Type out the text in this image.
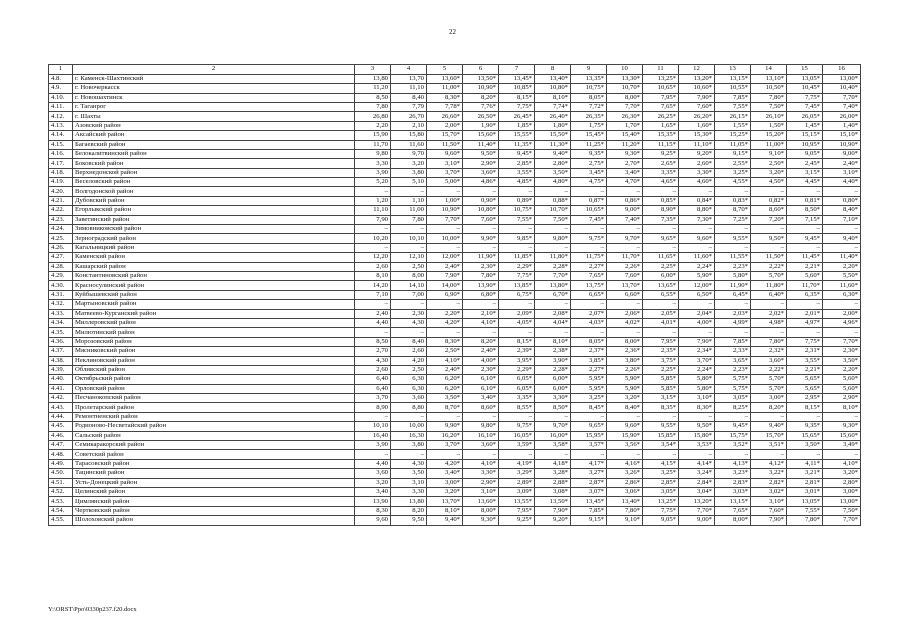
22
1	2	3	4	5	6	7	8	9	10	11	12	13	14	15	16
4.8.	г. Каменск-Шахтинский	13,80	13,70	13,60*	13,50*	13,45*	13,40*	13,35*	13,30*	13,25*	13,20*	13,15*	13,10*	13,05*	13,00*
4.9.	г. Новочеркасск	11,20	11,10	11,00*	10,90*	10,85*	10,80*	10,75*	10,70*	10,65*	10,60*	10,55*	10,50*	10,45*	10,40*
4.10.	г. Новошахтинск	8,50	8,40	8,30*	8,20*	8,15*	8,10*	8,05*	8,00*	7,95*	7,90*	7,85*	7,80*	7,75*	7,70*
4.11.	г. Таганрог	7,80	7,79	7,78*	7,76*	7,75*	7,74*	7,72*	7,70*	7,65*	7,60*	7,55*	7,50*	7,45*	7,40*
4.12.	г. Шахты	26,80	26,70	26,60*	26,50*	26,45*	26,40*	26,35*	26,30*	26,25*	26,20*	26,15*	26,10*	26,05*	26,00*
4.13.	Азовский район	2,20	2,10	2,00*	1,90*	1,85*	1,80*	1,75*	1,70*	1,65*	1,60*	1,55*	1,50*	1,45*	1,40*
4.14.	Аксайский район	15,90	15,80	15,70*	15,60*	15,55*	15,50*	15,45*	15,40*	15,35*	15,30*	15,25*	15,20*	15,15*	15,10*
4.15.	Багаевский район	11,70	11,60	11,50*	11,40*	11,35*	11,30*	11,25*	11,20*	11,15*	11,10*	11,05*	11,00*	10,95*	10,90*
4.16.	Белокалитвинский район	9,80	9,70	9,60*	9,50*	9,45*	9,40*	9,35*	9,30*	9,25*	9,20*	9,15*	9,10*	9,05*	9,00*
4.17.	Боковский район	3,30	3,20	3,10*	2,90*	2,85*	2,80*	2,75*	2,70*	2,65*	2,60*	2,55*	2,50*	2,45*	2,40*
4.18.	Верхнедонской район	3,90	3,80	3,70*	3,60*	3,55*	3,50*	3,45*	3,40*	3,35*	3,30*	3,25*	3,20*	3,15*	3,10*
4.19.	Веселовский район	5,20	5,10	5,00*	4,86*	4,85*	4,80*	4,75*	4,70*	4,65*	4,60*	4,55*	4,50*	4,45*	4,40*
4.20.	Волгодонской район	–	–	–	–	–	–	–	–	–	–	–	–	–	–
4.21.	Дубовский район	1,20	1,10	1,00*	0,90*	0,89*	0,88*	0,87*	0,86*	0,85*	0,84*	0,83*	0,82*	0,81*	0,80*
4.22.	Егорлыкский район	11,10	11,00	10,90*	10,80*	10,75*	10,70*	10,65*	9,00*	8,90*	8,80*	8,70*	8,60*	8,50*	8,40*
4.23.	Заветинский район	7,90	7,80	7,70*	7,60*	7,55*	7,50*	7,45*	7,40*	7,35*	7,30*	7,25*	7,20*	7,15*	7,10*
4.24.	Зимовниковский район	–	–	–	–	–	–	–	–	–	–	–	–	–	–
4.25.	Зерноградский район	10,20	10,10	10,00*	9,90*	9,85*	9,80*	9,75*	9,70*	9,65*	9,60*	9,55*	9,50*	9,45*	9,40*
4.26.	Кагальницкий район	–	–	–	–	–	–	–	–	–	–	–	–	–	–
4.27.	Каменский район	12,20	12,10	12,00*	11,90*	11,85*	11,80*	11,75*	11,70*	11,65*	11,60*	11,55*	11,50*	11,45*	11,40*
4.28.	Кашарский район	2,60	2,50	2,40*	2,30*	2,29*	2,28*	2,27*	2,26*	2,25*	2,24*	2,23*	2,22*	2,21*	2,20*
4.29.	Константиновский район	8,10	8,00	7,90*	7,80*	7,75*	7,70*	7,65*	7,60*	6,00*	5,90*	5,80*	5,70*	5,60*	5,50*
4.30.	Красносулинский район	14,20	14,10	14,00*	13,90*	13,85*	13,80*	13,75*	13,70*	13,65*	12,00*	11,90*	11,80*	11,70*	11,60*
4.31.	Куйбышевский район	7,10	7,00	6,90*	6,80*	6,75*	6,70*	6,65*	6,60*	6,55*	6,50*	6,45*	6,40*	6,35*	6,30*
4.32.	Мартыновский район	–	–	–	–	–	–	–	–	–	–	–	–	–	–
4.33.	Матвеево-Курганский район	2,40	2,30	2,20*	2,10*	2,09*	2,08*	2,07*	2,06*	2,05*	2,04*	2,03*	2,02*	2,01*	2,00*
4.34.	Миллеровский район	4,40	4,30	4,20*	4,10*	4,05*	4,04*	4,03*	4,02*	4,01*	4,00*	4,99*	4,98*	4,97*	4,96*
4.35.	Милютинский район	–	–	–	–	–	–	–	–	–	–	–	–	–	–
4.36.	Морозовский район	8,50	8,40	8,30*	8,20*	8,15*	8,10*	8,05*	8,00*	7,95*	7,90*	7,85*	7,80*	7,75*	7,70*
4.37.	Мясниковский район	2,70	2,60	2,50*	2,40*	2,39*	2,38*	2,37*	2,36*	2,35*	2,34*	2,33*	2,32*	2,31*	2,30*
4.38.	Неклиновский район	4,30	4,20	4,10*	4,00*	3,95*	3,90*	3,85*	3,80*	3,75*	3,70*	3,65*	3,60*	3,55*	3,50*
4.39.	Обливский район	2,60	2,50	2,40*	2,30*	2,29*	2,28*	2,27*	2,26*	2,25*	2,24*	2,23*	2,22*	2,21*	2,20*
4.40.	Октябрьский район	6,40	6,30	6,20*	6,10*	6,05*	6,00*	5,95*	5,90*	5,85*	5,80*	5,75*	5,70*	5,65*	5,60*
4.41.	Орловский район	6,40	6,30	6,20*	6,10*	6,05*	6,00*	5,95*	5,90*	5,85*	5,80*	5,75*	5,70*	5,65*	5,60*
4.42.	Песчанокопский район	3,70	3,60	3,50*	3,40*	3,35*	3,30*	3,25*	3,20*	3,15*	3,10*	3,05*	3,00*	2,95*	2,90*
4.43.	Пролетарский район	8,90	8,80	8,70*	8,60*	8,55*	8,50*	8,45*	8,40*	8,35*	8,30*	8,25*	8,20*	8,15*	8,10*
4.44.	Ремонтненский район	–	–	–	–	–	–	–	–	–	–	–	–	–	–
4.45.	Родионово-Несветайский район	10,10	10,00	9,90*	9,80*	9,75*	9,70*	9,65*	9,60*	9,55*	9,50*	9,45*	9,40*	9,35*	9,30*
4.46.	Сальский район	16,40	16,30	16,20*	16,10*	16,05*	16,00*	15,95*	15,90*	15,85*	15,80*	15,75*	15,70*	15,65*	15,60*
4.47.	Семикаракорский район	3,90	3,80	3,70*	3,60*	3,59*	3,58*	3,57*	3,56*	3,54*	3,53*	3,52*	3,51*	3,50*	3,49*
4.48.	Советский район	–	–	–	–	–	–	–	–	–	–	–	–	–	–
4.49.	Тарасовский район	4,40	4,30	4,20*	4,10*	4,19*	4,18*	4,17*	4,16*	4,15*	4,14*	4,13*	4,12*	4,11*	4,10*
4.50.	Тацинский район	3,60	3,50	3,40*	3,30*	3,29*	3,28*	3,27*	3,26*	3,25*	3,24*	3,23*	3,22*	3,21*	3,20*
4.51.	Усть-Донецкий район	3,20	3,10	3,00*	2,90*	2,89*	2,88*	2,87*	2,86*	2,85*	2,84*	2,83*	2,82*	2,81*	2,80*
4.52.	Целинский район	3,40	3,30	3,20*	3,10*	3,09*	3,08*	3,07*	3,06*	3,05*	3,04*	3,03*	3,02*	3,01*	3,00*
4.53.	Цимлянский район	13,90	13,80	13,70*	13,60*	13,55*	13,50*	13,45*	13,40*	13,25*	13,20*	13,15*	3,10*	13,05*	13,00*
4.54.	Чертковский район	8,30	8,20	8,10*	8,00*	7,95*	7,90*	7,85*	7,80*	7,75*	7,70*	7,65*	7,60*	7,55*	7,50*
4.55.	Шолоховский район	9,60	9,50	9,40*	9,30*	9,25*	9,20*	9,15*	9,10*	9,05*	9,00*	8,00*	7,90*	7,80*	7,70*
Y:\ORST\Ppo\0330p237.f20.docx
